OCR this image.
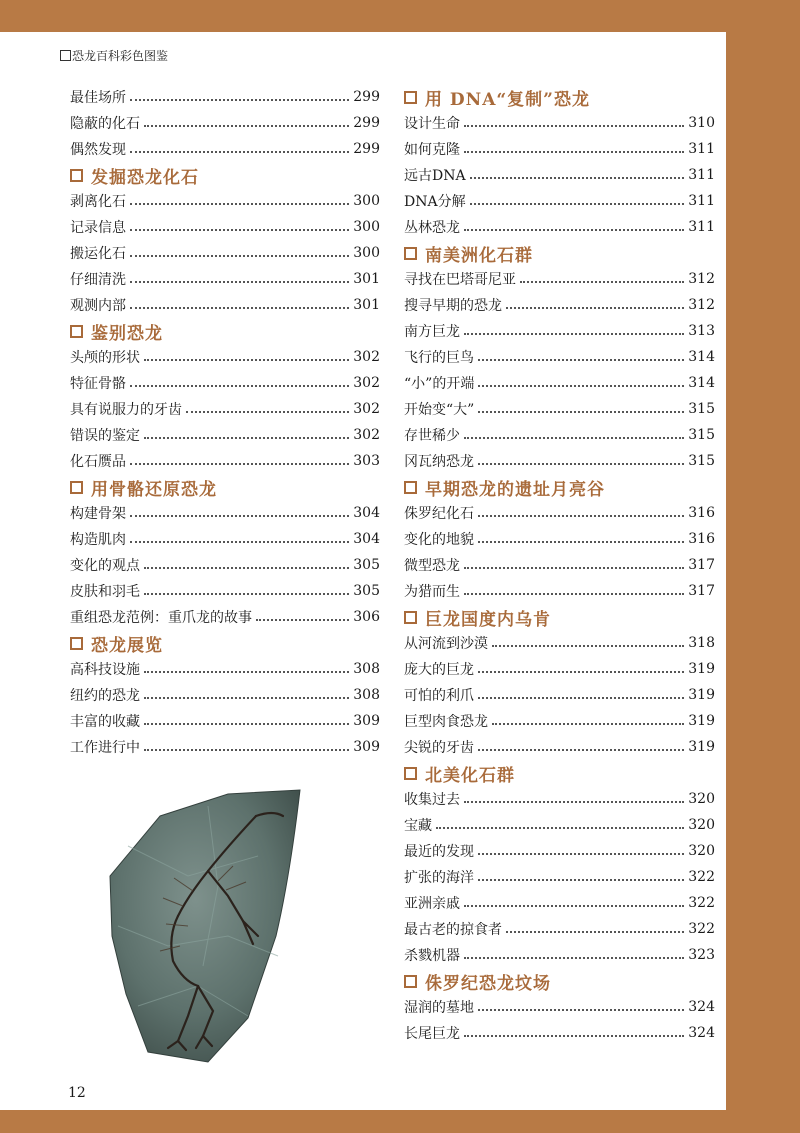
恐龙百科彩色图鉴
最佳场所	299
隐蔽的化石	299
偶然发现	299
发掘恐龙化石
剥离化石	300
记录信息	300
搬运化石	300
仔细清洗	301
观测内部	301
鉴别恐龙
头颅的形状	302
特征骨骼	302
具有说服力的牙齿	302
错误的鉴定	302
化石赝品	303
用骨骼还原恐龙
构建骨架	304
构造肌肉	304
变化的观点	305
皮肤和羽毛	305
重组恐龙范例：重爪龙的故事	306
恐龙展览
高科技设施	308
纽约的恐龙	308
丰富的收藏	309
工作进行中	309
用 DNA“复制”恐龙
设计生命	310
如何克隆	311
远古DNA	311
DNA分解	311
丛林恐龙	311
南美洲化石群
寻找在巴塔哥尼亚	312
搜寻早期的恐龙	312
南方巨龙	313
飞行的巨鸟	314
“小”的开端	314
开始变“大”	315
存世稀少	315
冈瓦纳恐龙	315
早期恐龙的遗址月亮谷
侏罗纪化石	316
变化的地貌	316
微型恐龙	317
为猎而生	317
巨龙国度内乌肯
从河流到沙漠	318
庞大的巨龙	319
可怕的利爪	319
巨型肉食恐龙	319
尖锐的牙齿	319
北美化石群
收集过去	320
宝藏	320
最近的发现	320
扩张的海洋	322
亚洲亲戚	322
最古老的掠食者	322
杀戮机器	323
侏罗纪恐龙坟场
湿润的墓地	324
长尾巨龙	324
12
